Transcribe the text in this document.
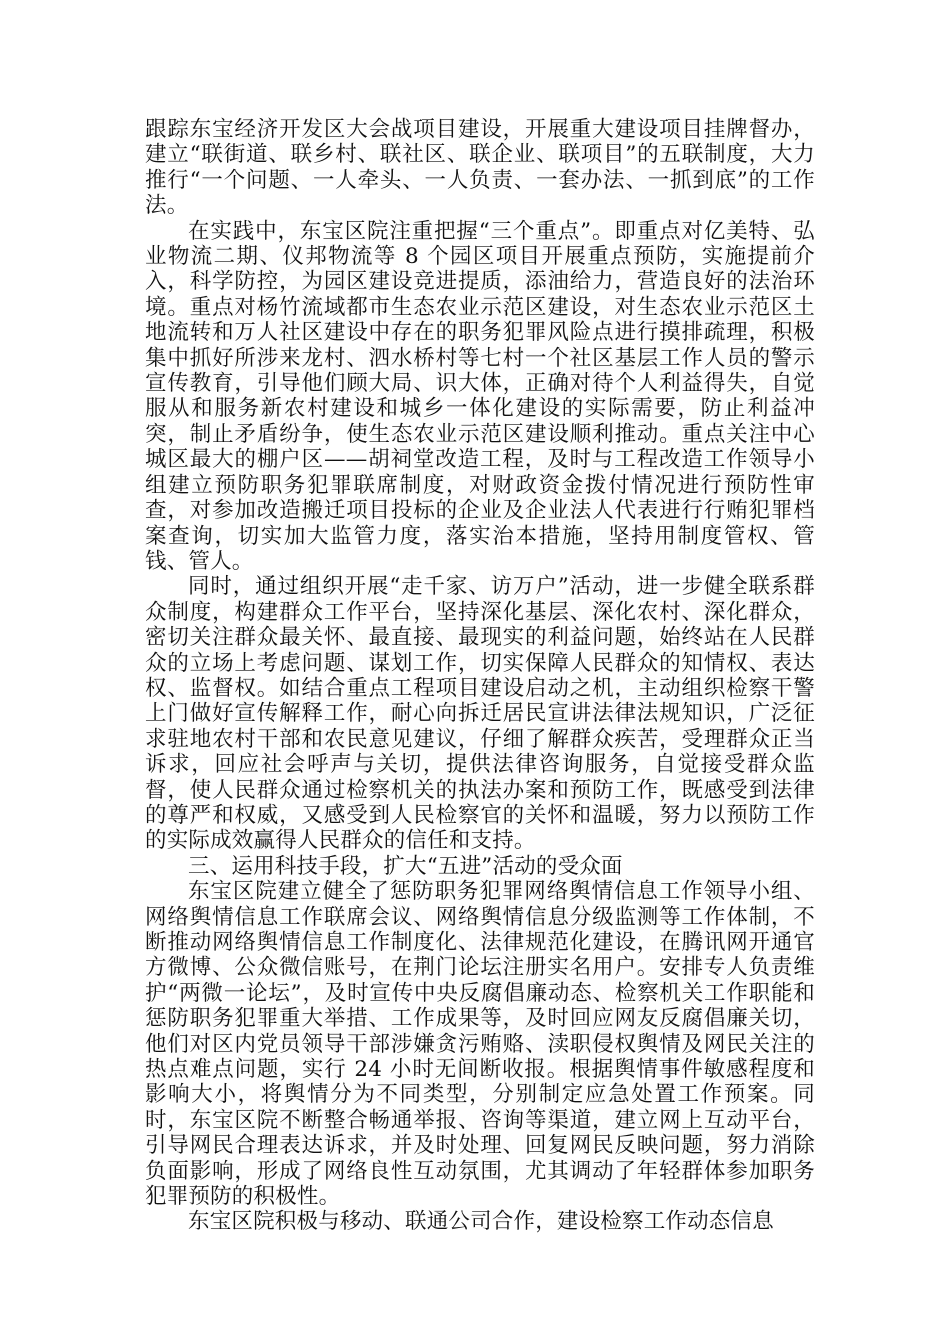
跟踪东宝经济开发区大会战项目建设，开展重大建设项目挂牌督办，建立“联街道、联乡村、联社区、联企业、联项目”的五联制度，大力推行“一个问题、一人牵头、一人负责、一套办法、一抓到底”的工作法。

在实践中，东宝区院注重把握“三个重点”。即重点对亿美特、弘业物流二期、仪邦物流等 8 个园区项目开展重点预防，实施提前介入，科学防控，为园区建设竞进提质，添油给力，营造良好的法治环境。重点对杨竹流域都市生态农业示范区建设，对生态农业示范区土地流转和万人社区建设中存在的职务犯罪风险点进行摸排疏理，积极集中抓好所涉来龙村、泗水桥村等七村一个社区基层工作人员的警示宣传教育，引导他们顾大局、识大体，正确对待个人利益得失，自觉服从和服务新农村建设和城乡一体化建设的实际需要，防止利益冲突，制止矛盾纷争，使生态农业示范区建设顺利推动。重点关注中心城区最大的棚户区——胡祠堂改造工程，及时与工程改造工作领导小组建立预防职务犯罪联席制度，对财政资金拨付情况进行预防性审查，对参加改造搬迁项目投标的企业及企业法人代表进行行贿犯罪档案查询，切实加大监管力度，落实治本措施，坚持用制度管权、管钱、管人。

同时，通过组织开展“走千家、访万户”活动，进一步健全联系群众制度，构建群众工作平台，坚持深化基层、深化农村、深化群众，密切关注群众最关怀、最直接、最现实的利益问题，始终站在人民群众的立场上考虑问题、谋划工作，切实保障人民群众的知情权、表达权、监督权。如结合重点工程项目建设启动之机，主动组织检察干警上门做好宣传解释工作，耐心向拆迁居民宣讲法律法规知识，广泛征求驻地农村干部和农民意见建议，仔细了解群众疾苦，受理群众正当诉求，回应社会呼声与关切，提供法律咨询服务，自觉接受群众监督，使人民群众通过检察机关的执法办案和预防工作，既感受到法律的尊严和权威，又感受到人民检察官的关怀和温暖，努力以预防工作的实际成效赢得人民群众的信任和支持。

三、运用科技手段，扩大“五进”活动的受众面

东宝区院建立健全了惩防职务犯罪网络舆情信息工作领导小组、网络舆情信息工作联席会议、网络舆情信息分级监测等工作体制，不断推动网络舆情信息工作制度化、法律规范化建设，在腾讯网开通官方微博、公众微信账号，在荆门论坛注册实名用户。安排专人负责维护“两微一论坛”，及时宣传中央反腐倡廉动态、检察机关工作职能和惩防职务犯罪重大举措、工作成果等，及时回应网友反腐倡廉关切，他们对区内党员领导干部涉嫌贪污贿赂、渎职侵权舆情及网民关注的热点难点问题，实行 24 小时无间断收报。根据舆情事件敏感程度和影响大小，将舆情分为不同类型，分别制定应急处置工作预案。同时，东宝区院不断整合畅通举报、咨询等渠道，建立网上互动平台，引导网民合理表达诉求，并及时处理、回复网民反映问题，努力消除负面影响，形成了网络良性互动氛围，尤其调动了年轻群体参加职务犯罪预防的积极性。

东宝区院积极与移动、联通公司合作，建设检察工作动态信息
